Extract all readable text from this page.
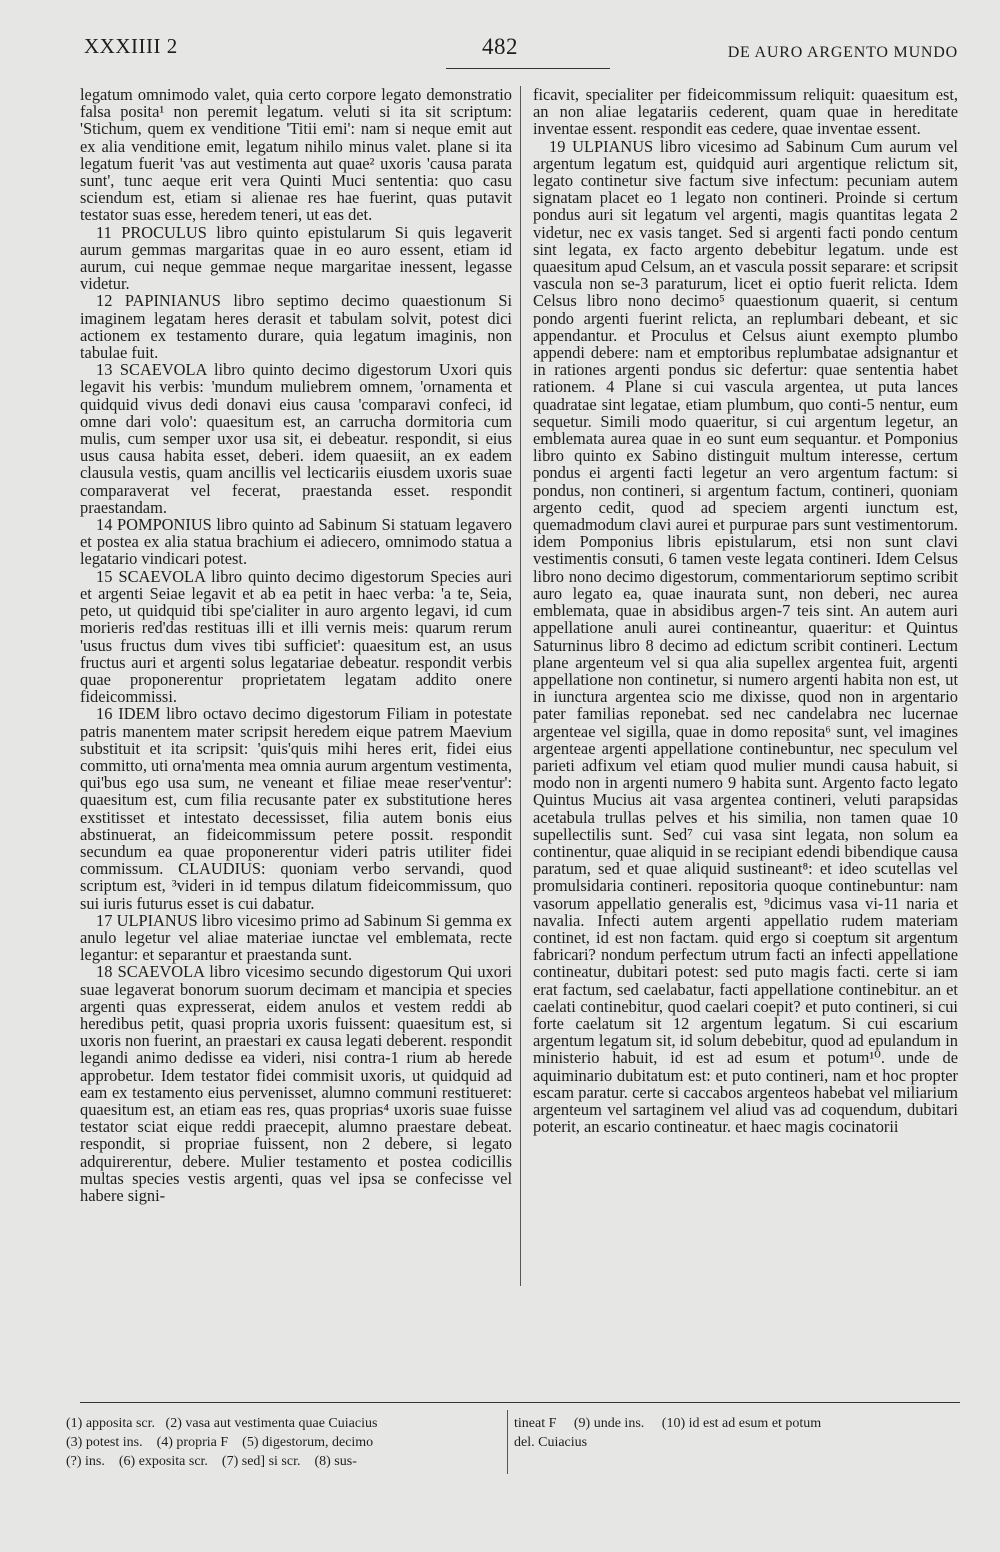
XXXIIII 2	482	DE AURO ARGENTO MUNDO

legatum omnimodo valet, quia certo corpore legato demonstratio falsa posita¹ non peremit legatum. veluti si ita sit scriptum: 'Stichum, quem ex venditione 'Titii emi': nam si neque emit aut ex alia venditione emit, legatum nihilo minus valet. plane si ita legatum fuerit 'vas aut vestimenta aut quae² uxoris 'causa parata sunt', tunc aeque erit vera Quinti Muci sententia: quo casu sciendum est, etiam si alienae res hae fuerint, quas putavit testator suas esse, heredem teneri, ut eas det.

11 PROCULUS libro quinto epistularum Si quis legaverit aurum gemmas margaritas quae in eo auro essent, etiam id aurum, cui neque gemmae neque margaritae inessent, legasse videtur.

12 PAPINIANUS libro septimo decimo quaestionum Si imaginem legatam heres derasit et tabulam solvit, potest dici actionem ex testamento durare, quia legatum imaginis, non tabulae fuit.

13 SCAEVOLA libro quinto decimo digestorum Uxori quis legavit his verbis: 'mundum muliebrem omnem, 'ornamenta et quidquid vivus dedi donavi eius causa 'comparavi confeci, id omne dari volo': quaesitum est, an carrucha dormitoria cum mulis, cum semper uxor usa sit, ei debeatur. respondit, si eius usus causa habita esset, deberi. idem quaesiit, an ex eadem clausula vestis, quam ancillis vel lecticariis eiusdem uxoris suae comparaverat vel fecerat, praestanda esset. respondit praestandam.

14 POMPONIUS libro quinto ad Sabinum Si statuam legavero et postea ex alia statua brachium ei adiecero, omnimodo statua a legatario vindicari potest.

15 SCAEVOLA libro quinto decimo digestorum Species auri et argenti Seiae legavit et ab ea petit in haec verba: 'a te, Seia, peto, ut quidquid tibi spe'cialiter in auro argento legavi, id cum morieris red'das restituas illi et illi vernis meis: quarum rerum 'usus fructus dum vives tibi sufficiet': quaesitum est, an usus fructus auri et argenti solus legatariae debeatur. respondit verbis quae proponerentur proprietatem legatam addito onere fideicommissi.

16 IDEM libro octavo decimo digestorum Filiam in potestate patris manentem mater scripsit heredem eique patrem Maevium substituit et ita scripsit: 'quis'quis mihi heres erit, fidei eius committo, uti orna'menta mea omnia aurum argentum vestimenta, qui'bus ego usa sum, ne veneant et filiae meae reser'ventur': quaesitum est, cum filia recusante pater ex substitutione heres exstitisset et intestato decessisset, filia autem bonis eius abstinuerat, an fideicommissum petere possit. respondit secundum ea quae proponerentur videri patris utiliter fidei commissum. CLAUDIUS: quoniam verbo servandi, quod scriptum est, ³videri in id tempus dilatum fideicommissum, quo sui iuris futurus esset is cui dabatur.

17 ULPIANUS libro vicesimo primo ad Sabinum Si gemma ex anulo legetur vel aliae materiae iunctae vel emblemata, recte legantur: et separantur et praestanda sunt.

18 SCAEVOLA libro vicesimo secundo digestorum Qui uxori suae legaverat bonorum suorum decimam et mancipia et species argenti quas expresserat, eidem anulos et vestem reddi ab heredibus petit, quasi propria uxoris fuissent: quaesitum est, si uxoris non fuerint, an praestari ex causa legati deberent. respondit legandi animo dedisse ea videri, nisi contra-1 rium ab herede approbetur. Idem testator fidei commisit uxoris, ut quidquid ad eam ex testamento eius pervenisset, alumno communi restitueret: quaesitum est, an etiam eas res, quas proprias⁴ uxoris suae fuisse testator sciat eique reddi praecepit, alumno praestare debeat. respondit, si propriae fuissent, non 2 debere, si legato adquirerentur, debere. Mulier testamento et postea codicillis multas species vestis argenti, quas vel ipsa se confecisse vel habere signi-

ficavit, specialiter per fideicommissum reliquit: quaesitum est, an non aliae legatariis cederent, quam quae in hereditate inventae essent. respondit eas cedere, quae inventae essent.

19 ULPIANUS libro vicesimo ad Sabinum Cum aurum vel argentum legatum est, quidquid auri argentique relictum sit, legato continetur sive factum sive infectum: pecuniam autem signatam placet eo 1 legato non contineri. Proinde si certum pondus auri sit legatum vel argenti, magis quantitas legata 2 videtur, nec ex vasis tanget. Sed si argenti facti pondo centum sint legata, ex facto argento debebitur legatum. unde est quaesitum apud Celsum, an et vascula possit separare: et scripsit vascula non se-3 paraturum, licet ei optio fuerit relicta. Idem Celsus libro nono decimo⁵ quaestionum quaerit, si centum pondo argenti fuerint relicta, an replumbari debeant, et sic appendantur. et Proculus et Celsus aiunt exempto plumbo appendi debere: nam et emptoribus replumbatae adsignantur et in rationes argenti pondus sic defertur: quae sententia habet rationem. 4 Plane si cui vascula argentea, ut puta lances quadratae sint legatae, etiam plumbum, quo conti-5 nentur, eum sequetur. Simili modo quaeritur, si cui argentum legetur, an emblemata aurea quae in eo sunt eum sequantur. et Pomponius libro quinto ex Sabino distinguit multum interesse, certum pondus ei argenti facti legetur an vero argentum factum: si pondus, non contineri, si argentum factum, contineri, quoniam argento cedit, quod ad speciem argenti iunctum est, quemadmodum clavi aurei et purpurae pars sunt vestimentorum. idem Pomponius libris epistularum, etsi non sunt clavi vestimentis consuti, 6 tamen veste legata contineri. Idem Celsus libro nono decimo digestorum, commentariorum septimo scribit auro legato ea, quae inaurata sunt, non deberi, nec aurea emblemata, quae in absidibus argen-7 teis sint. An autem auri appellatione anuli aurei contineantur, quaeritur: et Quintus Saturninus libro 8 decimo ad edictum scribit contineri. Lectum plane argenteum vel si qua alia supellex argentea fuit, argenti appellatione non continetur, si numero argenti habita non est, ut in iunctura argentea scio me dixisse, quod non in argentario pater familias reponebat. sed nec candelabra nec lucernae argenteae vel sigilla, quae in domo reposita⁶ sunt, vel imagines argenteae argenti appellatione continebuntur, nec speculum vel parieti adfixum vel etiam quod mulier mundi causa habuit, si modo non in argenti numero 9 habita sunt. Argento facto legato Quintus Mucius ait vasa argentea contineri, veluti parapsidas acetabula trullas pelves et his similia, non tamen quae 10 supellectilis sunt. Sed⁷ cui vasa sint legata, non solum ea continentur, quae aliquid in se recipiant edendi bibendique causa paratum, sed et quae aliquid sustineant⁸: et ideo scutellas vel promulsidaria contineri. repositoria quoque continebuntur: nam vasorum appellatio generalis est, ⁹dicimus vasa vi-11 naria et navalia. Infecti autem argenti appellatio rudem materiam continet, id est non factam. quid ergo si coeptum sit argentum fabricari? nondum perfectum utrum facti an infecti appellatione contineatur, dubitari potest: sed puto magis facti. certe si iam erat factum, sed caelabatur, facti appellatione continebitur. an et caelati continebitur, quod caelari coepit? et puto contineri, si cui forte caelatum sit 12 argentum legatum. Si cui escarium argentum legatum sit, id solum debebitur, quod ad epulandum in ministerio habuit, id est ad esum et potum¹⁰. unde de aquiminario dubitatum est: et puto contineri, nam et hoc propter escam paratur. certe si caccabos argenteos habebat vel miliarium argenteum vel sartaginem vel aliud vas ad coquendum, dubitari poterit, an escario contineatur. et haec magis cocinatorii

(1) apposita scr. (2) vasa aut vestimenta quae Cuiacius
(3) potest ins. (4) propria F (5) digestorum, decimo
(?) ins. (6) exposita scr. (7) sed] si scr. (8) sus-
tineat F (9) unde ins. (10) id est ad esum et potum
del. Cuiacius
